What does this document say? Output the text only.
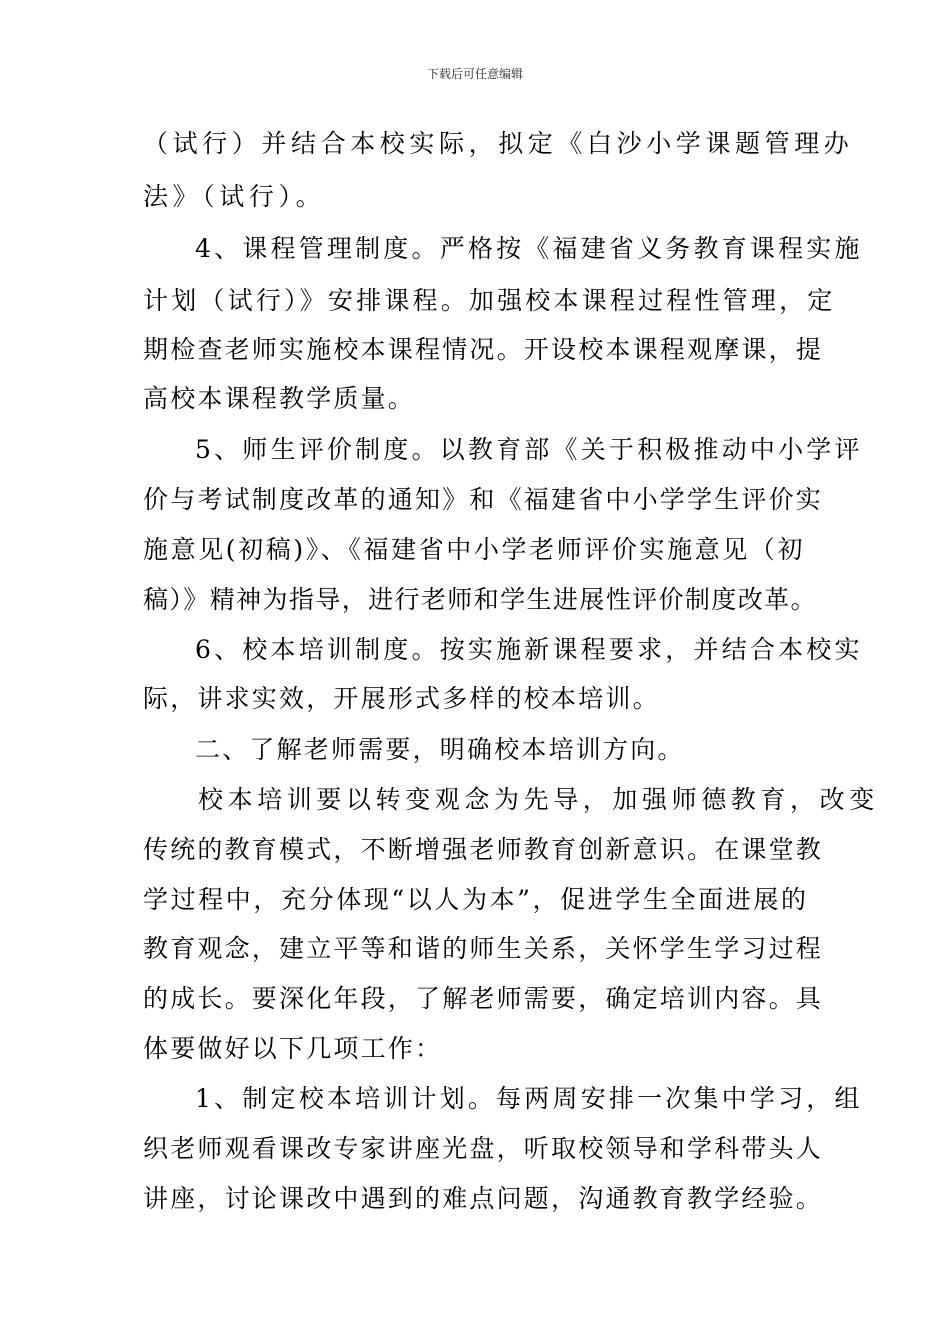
下载后可任意编辑
（试行）并结合本校实际，拟定《白沙小学课题管理办
法》（试行）。
4、课程管理制度。严格按《福建省义务教育课程实施
计划（试行）》安排课程。加强校本课程过程性管理，定
期检查老师实施校本课程情况。开设校本课程观摩课，提
高校本课程教学质量。
5、师生评价制度。以教育部《关于积极推动中小学评
价与考试制度改革的通知》和《福建省中小学学生评价实
施意见(初稿)》、《福建省中小学老师评价实施意见（初
稿）》精神为指导，进行老师和学生进展性评价制度改革。
6、校本培训制度。按实施新课程要求，并结合本校实
际，讲求实效，开展形式多样的校本培训。
二、了解老师需要，明确校本培训方向。
校本培训要以转变观念为先导，加强师德教育，改变
传统的教育模式，不断增强老师教育创新意识。在课堂教
学过程中，充分体现“以人为本”，促进学生全面进展的
教育观念，建立平等和谐的师生关系，关怀学生学习过程
的成长。要深化年段，了解老师需要，确定培训内容。具
体要做好以下几项工作：
1、制定校本培训计划。每两周安排一次集中学习，组
织老师观看课改专家讲座光盘，听取校领导和学科带头人
讲座，讨论课改中遇到的难点问题，沟通教育教学经验。
